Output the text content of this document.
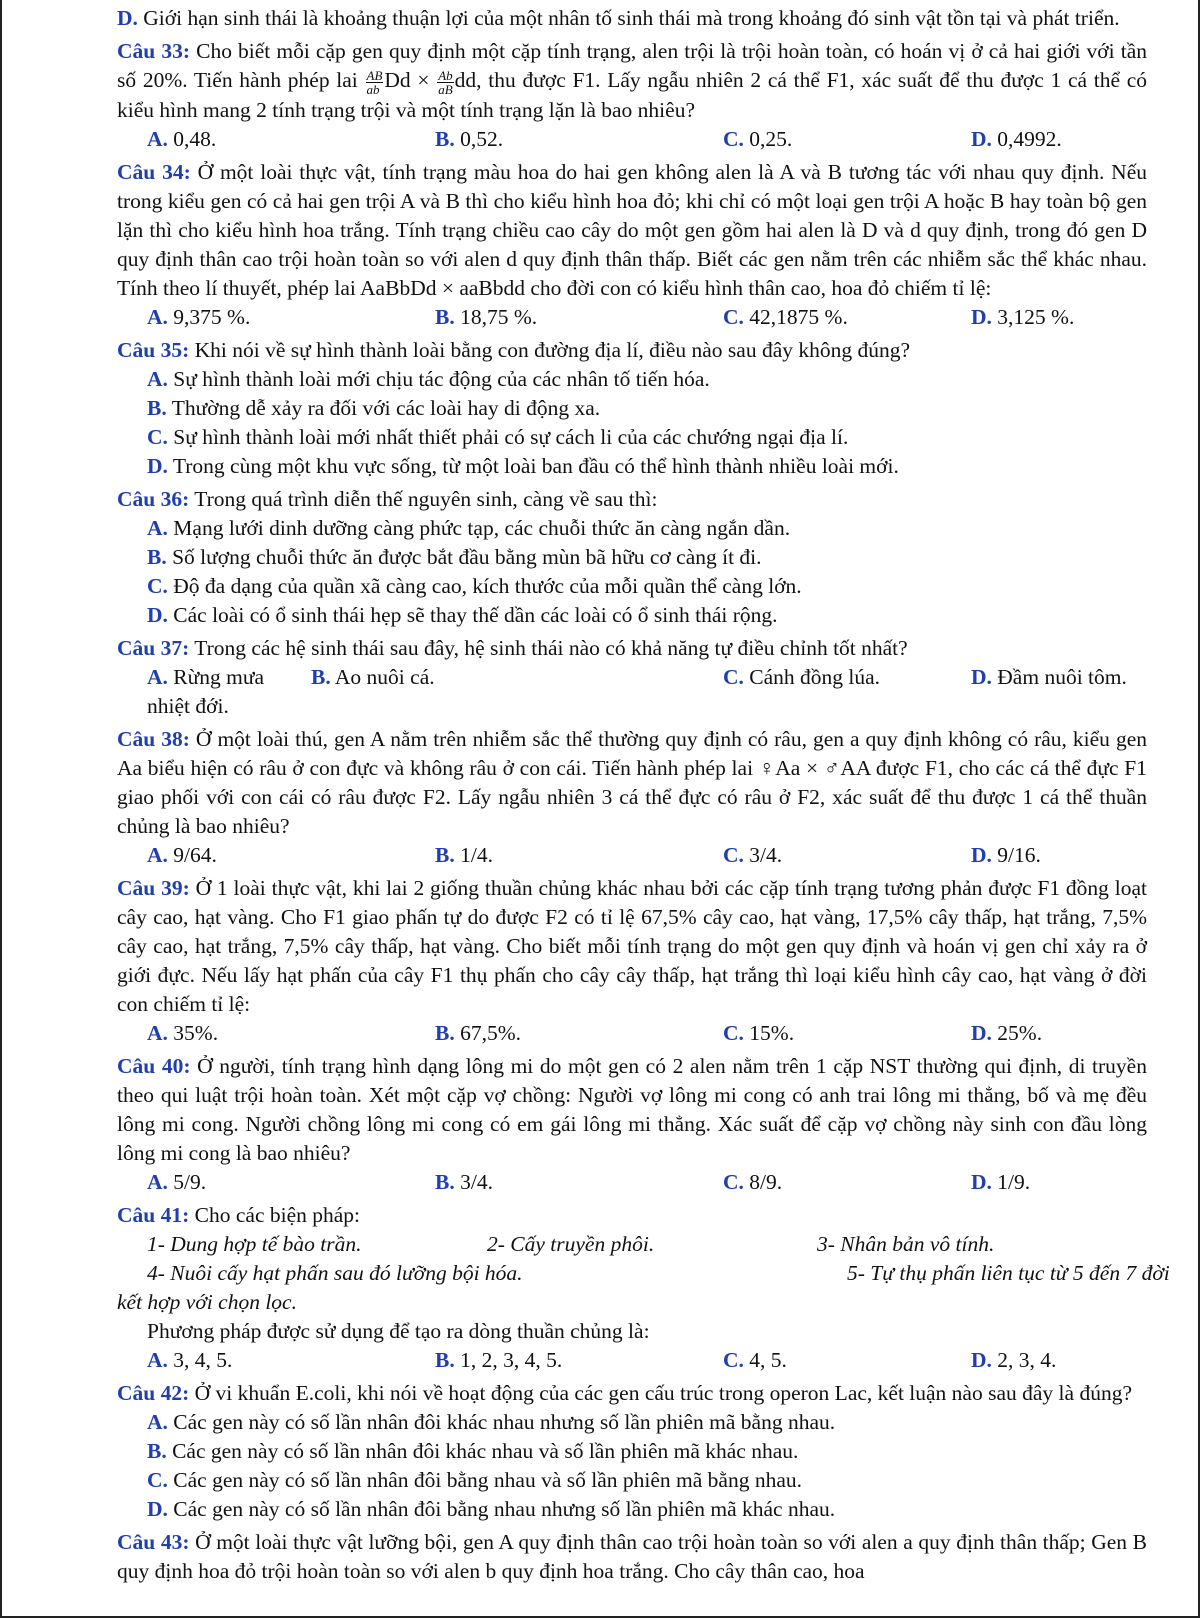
D. Giới hạn sinh thái là khoảng thuận lợi của một nhân tố sinh thái mà trong khoảng đó sinh vật tồn tại và phát triển.

Câu 33: Cho biết mỗi cặp gen quy định một cặp tính trạng, alen trội là trội hoàn toàn, có hoán vị ở cả hai giới với tần số 20%. Tiến hành phép lai $\frac{AB}{ab}$ $Dd \times \frac{Ab}{aB}$ dd, thu được F1. Lấy ngẫu nhiên 2 cá thể F1, xác suất để thu được 1 cá thể có kiểu hình mang 2 tính trạng trội và một tính trạng lặn là bao nhiêu?
A. 0,48.	B. 0,52.	C. 0,25.	D. 0,4992.
Câu 34: Ở một loài thực vật, tính trạng màu hoa do hai gen không alen là A và B tương tác với nhau quy định. Nếu trong kiểu gen có cả hai gen trội A và B thì cho kiểu hình hoa đỏ; khi chỉ có một loại gen trội A hoặc B hay toàn bộ gen lặn thì cho kiểu hình hoa trắng. Tính trạng chiều cao cây do một gen gồm hai alen là D và d quy định, trong đó gen D quy định thân cao trội hoàn toàn so với alen d quy định thân thấp. Biết các gen nằm trên các nhiễm sắc thể khác nhau. Tính theo lí thuyết, phép lai AaBbDd × aaBbdd cho đời con có kiểu hình thân cao, hoa đỏ chiếm tỉ lệ:
A. 9,375 %.	B. 18,75 %.	C. 42,1875 %.	D. 3,125 %.
Câu 35: Khi nói về sự hình thành loài bằng con đường địa lí, điều nào sau đây không đúng?
A. Sự hình thành loài mới chịu tác động của các nhân tố tiến hóa.
B. Thường dễ xảy ra đối với các loài hay di động xa.
C. Sự hình thành loài mới nhất thiết phải có sự cách li của các chướng ngại địa lí.
D. Trong cùng một khu vực sống, từ một loài ban đầu có thể hình thành nhiều loài mới.
Câu 36: Trong quá trình diễn thế nguyên sinh, càng về sau thì:
A. Mạng lưới dinh dưỡng càng phức tạp, các chuỗi thức ăn càng ngắn dần.
B. Số lượng chuỗi thức ăn được bắt đầu bằng mùn bã hữu cơ càng ít đi.
C. Độ đa dạng của quần xã càng cao, kích thước của mỗi quần thể càng lớn.
D. Các loài có ổ sinh thái hẹp sẽ thay thế dần các loài có ổ sinh thái rộng.
Câu 37: Trong các hệ sinh thái sau đây, hệ sinh thái nào có khả năng tự điều chỉnh tốt nhất?
A. Rừng mưa nhiệt đới.
B. Ao nuôi cá.	C. Cánh đồng lúa.	D. Đầm nuôi tôm.
Câu 38: Ở một loài thú, gen A nằm trên nhiễm sắc thể thường quy định có râu, gen a quy định không có râu, kiểu gen Aa biểu hiện có râu ở con đực và không râu ở con cái. Tiến hành phép lai ♀Aa × ♂AA được F1, cho các cá thể đực F1 giao phối với con cái có râu được F2. Lấy ngẫu nhiên 3 cá thể đực có râu ở F2, xác suất để thu được 1 cá thể thuần chủng là bao nhiêu?
A. 9/64.	B. 1/4.	C. 3/4.	D. 9/16.
Câu 39: Ở 1 loài thực vật, khi lai 2 giống thuần chủng khác nhau bởi các cặp tính trạng tương phản được F1 đồng loạt cây cao, hạt vàng. Cho F1 giao phấn tự do được F2 có tỉ lệ 67,5% cây cao, hạt vàng, 17,5% cây thấp, hạt trắng, 7,5% cây cao, hạt trắng, 7,5% cây thấp, hạt vàng. Cho biết mỗi tính trạng do một gen quy định và hoán vị gen chỉ xảy ra ở giới đực. Nếu lấy hạt phấn của cây F1 thụ phấn cho cây cây thấp, hạt trắng thì loại kiểu hình cây cao, hạt vàng ở đời con chiếm tỉ lệ:
A. 35%.	B. 67,5%.	C. 15%.	D. 25%.
Câu 40: Ở người, tính trạng hình dạng lông mi do một gen có 2 alen nằm trên 1 cặp NST thường qui định, di truyền theo qui luật trội hoàn toàn. Xét một cặp vợ chồng: Người vợ lông mi cong có anh trai lông mi thẳng, bố và mẹ đều lông mi cong. Người chồng lông mi cong có em gái lông mi thẳng. Xác suất để cặp vợ chồng này sinh con đầu lòng lông mi cong là bao nhiêu?
A. 5/9.	B. 3/4.	C. 8/9.	D. 1/9.
Câu 41: Cho các biện pháp:
1- Dung hợp tế bào trần.	2- Cấy truyền phôi.	3- Nhân bản vô tính.
4- Nuôi cấy hạt phấn sau đó lưỡng bội hóa.	5- Tự thụ phấn liên tục từ 5 đến 7 đời
kết hợp với chọn lọc.
Phương pháp được sử dụng để tạo ra dòng thuần chủng là:
A. 3, 4, 5.	B. 1, 2, 3, 4, 5.	C. 4, 5.	D. 2, 3, 4.
Câu 42: Ở vi khuẩn E.coli, khi nói về hoạt động của các gen cấu trúc trong operon Lac, kết luận nào sau đây là đúng?
A. Các gen này có số lần nhân đôi khác nhau nhưng số lần phiên mã bằng nhau.
B. Các gen này có số lần nhân đôi khác nhau và số lần phiên mã khác nhau.
C. Các gen này có số lần nhân đôi bằng nhau và số lần phiên mã bằng nhau.
D. Các gen này có số lần nhân đôi bằng nhau nhưng số lần phiên mã khác nhau.
Câu 43: Ở một loài thực vật lưỡng bội, gen A quy định thân cao trội hoàn toàn so với alen a quy định thân thấp; Gen B quy định hoa đỏ trội hoàn toàn so với alen b quy định hoa trắng. Cho cây thân cao, hoa
